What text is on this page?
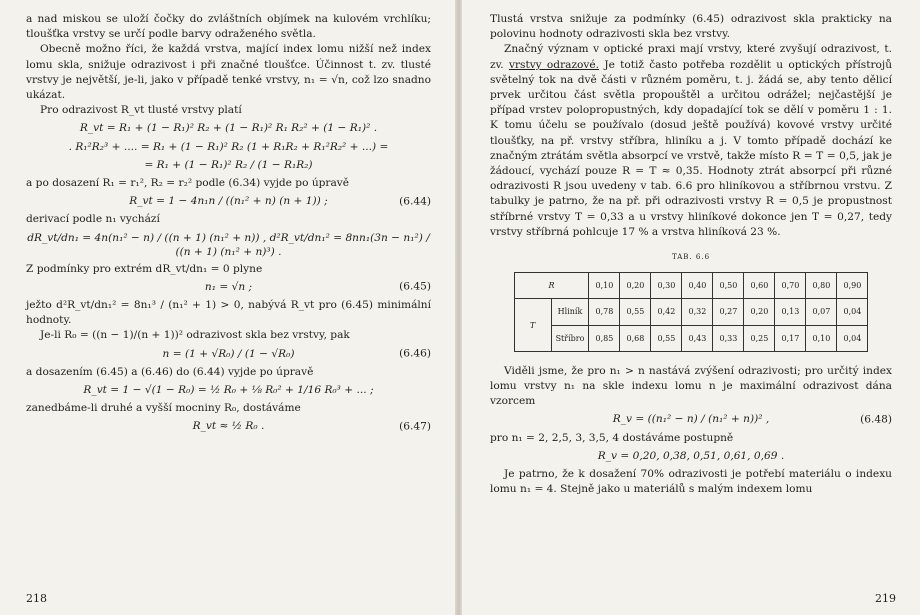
a nad miskou se uloží čočky do zvláštních objímek na kulovém vrchlíku; tloušťka vrstvy se určí podle barvy odraženého světla.

Obecně možno říci, že každá vrstva, mající index lomu nižší než index lomu skla, snižuje odrazivost i při značné tloušťce. Účinnost t. zv. tlusté vrstvy je největší, je-li, jako v případě tenké vrstvy, n₁ = √n, což lzo snadno ukázat.

Pro odrazivost R_vt tlusté vrstvy platí

R_vt = R₁ + (1 − R₁)² R₂ + (1 − R₁)² R₁ R₂² + (1 − R₁)² .
. R₁²R₂³ + .... = R₁ + (1 − R₁)² R₂ (1 + R₁R₂ + R₁²R₂² + ...) =
= R₁ + (1 − R₁)² R₂ / (1 − R₁R₂)

a po dosazení R₁ = r₁², R₂ = r₂² podle (6.34) vyjde po úpravě

R_vt = 1 − 4n₁n / ((n₁² + n) (n + 1)) ;	(6.44)

derivací podle n₁ vychází

dR_vt/dn₁ = 4n(n₁² − n) / ((n + 1) (n₁² + n)) , d²R_vt/dn₁² = 8nn₁(3n − n₁²) / ((n + 1) (n₁² + n)³) .

Z podmínky pro extrém dR_vt/dn₁ = 0 plyne

n₁ = √n ;	(6.45)

ježto d²R_vt/dn₁² = 8n₁³ / (n₁² + 1) > 0, nabývá R_vt pro (6.45) minimální hodnoty.

Je-li R₀ = ((n − 1)/(n + 1))² odrazivost skla bez vrstvy, pak

n = (1 + √R₀) / (1 − √R₀)	(6.46)

a dosazením (6.45) a (6.46) do (6.44) vyjde po úpravě

R_vt = 1 − √(1 − R₀) = ½ R₀ + ⅛ R₀² + 1/16 R₀³ + ... ;

zanedbáme-li druhé a vyšší mocniny R₀, dostáváme

R_vt ≈ ½ R₀ .	(6.47)
218

Tlustá vrstva snižuje za podmínky (6.45) odrazivost skla prakticky na polovinu hodnoty odrazivosti skla bez vrstvy.

Značný význam v optické praxi mají vrstvy, které zvyšují odrazivost, t. zv. vrstvy odrazové. Je totiž často potřeba rozdělit u optických přístrojů světelný tok na dvě části v různém poměru, t. j. žádá se, aby tento dělicí prvek určitou část světla propouštěl a určitou odrážel; nejčastější je případ vrstev polopropustných, kdy dopadající tok se dělí v poměru 1 : 1. K tomu účelu se používalo (dosud ještě používá) kovové vrstvy určité tloušťky, na př. vrstvy stříbra, hliníku a j. V tomto případě dochází ke značným ztrátám světla absorpcí ve vrstvě, takže místo R = T = 0,5, jak je žádoucí, vychází pouze R = T ≈ 0,35. Hodnoty ztrát absorpcí při různé odrazivosti R jsou uvedeny v tab. 6.6 pro hliníkovou a stříbrnou vrstvu. Z tabulky je patrno, že na př. při odrazivosti vrstvy R = 0,5 je propustnost stříbrné vrstvy T = 0,33 a u vrstvy hliníkové dokonce jen T = 0,27, tedy vrstvy stříbrná pohlcuje 17 % a vrstva hliníková 23 %.

TAB. 6.6
R		0,10	0,20	0,30	0,40	0,50	0,60	0,70	0,80	0,90
T	Hliník	0,78	0,55	0,42	0,32	0,27	0,20	0,13	0,07	0,04
	Stříbro	0,85	0,68	0,55	0,43	0,33	0,25	0,17	0,10	0,04

Viděli jsme, že pro n₁ > n nastává zvýšení odrazivosti; pro určitý index lomu vrstvy n₁ na skle indexu lomu n je maximální odrazivost dána vzorcem

R_v = ((n₁² − n) / (n₁² + n))² ,	(6.48)

pro n₁ = 2, 2,5, 3, 3,5, 4 dostáváme postupně

R_v = 0,20, 0,38, 0,51, 0,61, 0,69 .

Je patrno, že k dosažení 70% odrazivosti je potřebí materiálu o indexu lomu n₁ = 4. Stejně jako u materiálů s malým indexem lomu

219
